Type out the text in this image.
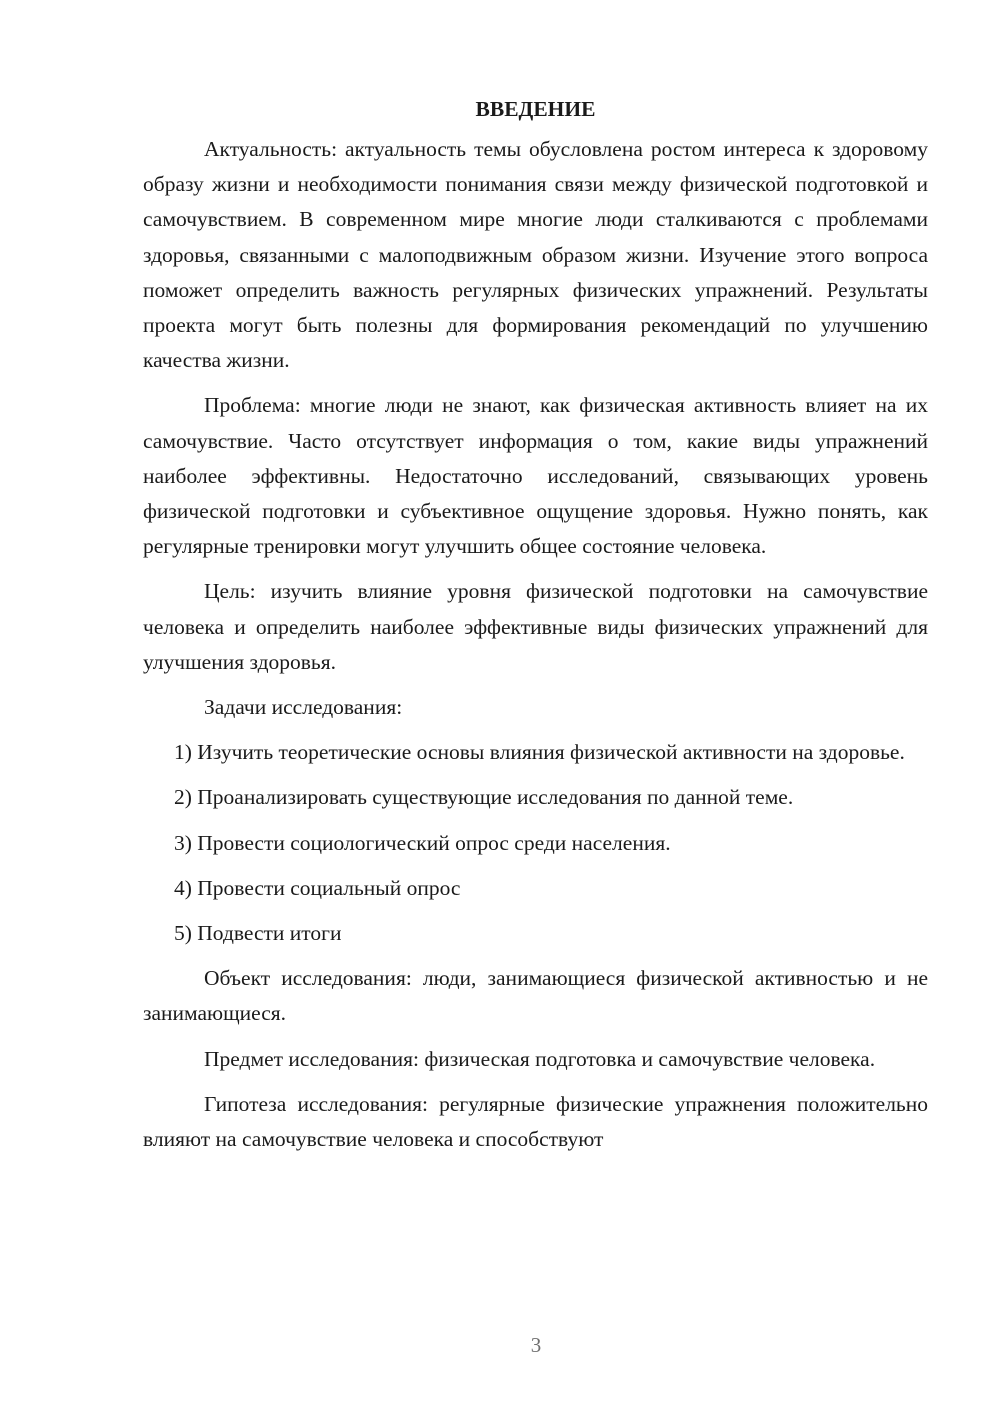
ВВЕДЕНИЕ

Актуальность: актуальность темы обусловлена ростом интереса к здоровому образу жизни и необходимости понимания связи между физической подготовкой и самочувствием. В современном мире многие люди сталкиваются с проблемами здоровья, связанными с малоподвижным образом жизни. Изучение этого вопроса поможет определить важность регулярных физических упражнений. Результаты проекта могут быть полезны для формирования рекомендаций по улучшению качества жизни.

Проблема: многие люди не знают, как физическая активность влияет на их самочувствие. Часто отсутствует информация о том, какие виды упражнений наиболее эффективны. Недостаточно исследований, связывающих уровень физической подготовки и субъективное ощущение здоровья. Нужно понять, как регулярные тренировки могут улучшить общее состояние человека.

Цель: изучить влияние уровня физической подготовки на самочувствие человека и определить наиболее эффективные виды физических упражнений для улучшения здоровья.

Задачи исследования:

1) Изучить теоретические основы влияния физической активности на здоровье.

2) Проанализировать существующие исследования по данной теме.

3) Провести социологический опрос среди населения.

4) Провести социальный опрос

5) Подвести итоги

Объект исследования: люди, занимающиеся физической активностью и не занимающиеся.

Предмет исследования: физическая подготовка и самочувствие человека.

Гипотеза исследования: регулярные физические упражнения положительно влияют на самочувствие человека и способствуют

3
